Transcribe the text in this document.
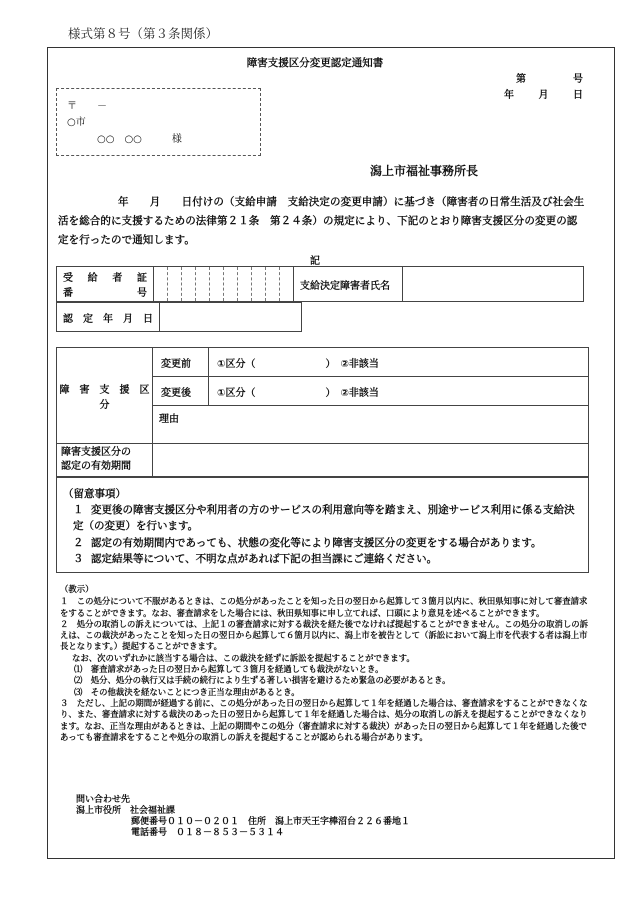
様式第８号（第３条関係）
障害支援区分変更認定通知書
第	号
年 月 日
〒　　－
○市
○○　○○　　　様
潟上市福祉事務所長
年　　月　　日付けの（支給申請　支給決定の変更申請）に基づき（障害者の日常生活及び社会生活を総合的に支援するための法律第２１条　第２４条）の規定により、下記のとおり障害支援区分の変更の認定を行ったので通知します。
記
受 給 者 証
番	号
											支給決定障害者氏名	
認　定　年　月　日	
障　害　支　援　区　分	変更前	①区分（　　　　　　　）　②非該当
	変更後	①区分（　　　　　　　）　②非該当
	理由	

障害支援区分の
認定の有効期間		

（留意事項）
１ 変更後の障害支援区分や利用者の方のサービスの利用意向等を踏まえ、別途サービス利用に係る支給決定（の変更）を行います。
２ 認定の有効期間内であっても、状態の変化等により障害支援区分の変更をする場合があります。
３ 認定結果等について、不明な点があれば下記の担当課にご連絡ください。

（教示）

１　この処分について不服があるときは、この処分があったことを知った日の翌日から起算して３箇月以内に、秋田県知事に対して審査請求をすることができます。なお、審査請求をした場合には、秋田県知事に申し立てれば、口頭により意見を述べることができます。

２　処分の取消しの訴えについては、上記１の審査請求に対する裁決を経た後でなければ提起することができません。この処分の取消しの訴えは、この裁決があったことを知った日の翌日から起算して６箇月以内に、潟上市を被告として（訴訟において潟上市を代表する者は潟上市長となります。）提起することができます。

なお、次のいずれかに該当する場合は、この裁決を経ずに訴訟を提起することができます。

⑴　審査請求があった日の翌日から起算して３箇月を経過しても裁決がないとき。

⑵　処分、処分の執行又は手続の続行により生ずる著しい損害を避けるため緊急の必要があるとき。

⑶　その他裁決を経ないことにつき正当な理由があるとき。

３　ただし、上記の期間が経過する前に、この処分があった日の翌日から起算して１年を経過した場合は、審査請求をすることができなくなり、また、審査請求に対する裁決のあった日の翌日から起算して１年を経過した場合は、処分の取消しの訴えを提起することができなくなります。なお、正当な理由があるときは、上記の期間やこの処分（審査請求に対する裁決）があった日の翌日から起算して１年を経過した後であっても審査請求をすることや処分の取消しの訴えを提起することが認められる場合があります。

問い合わせ先
潟上市役所　社会福祉課
郵便番号０１０－０２０１　住所　潟上市天王字棒沼台２２６番地１
電話番号　０１８－８５３－５３１４
